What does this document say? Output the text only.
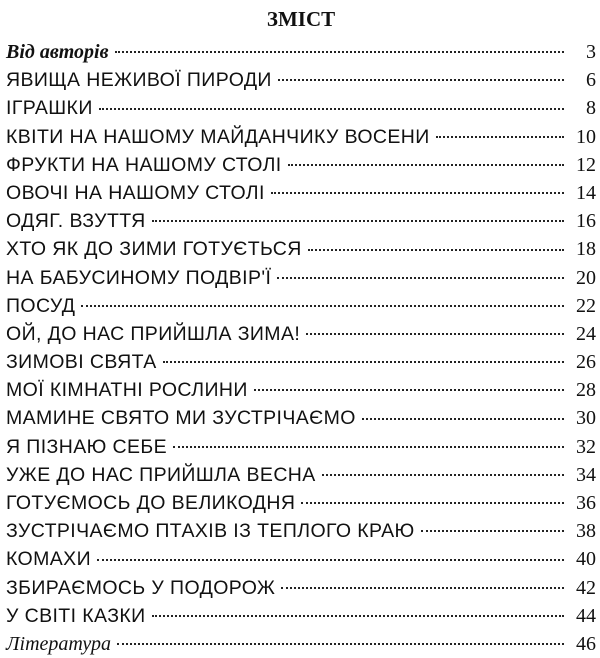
ЗМІСТ
Від авторів	3
ЯВИЩА НЕЖИВОЇ ПИРОДИ	6
ІГРАШКИ	8
КВІТИ НА НАШОМУ МАЙДАНЧИКУ ВОСЕНИ	10
ФРУКТИ НА НАШОМУ СТОЛІ	12
ОВОЧІ НА НАШОМУ СТОЛІ	14
ОДЯГ. ВЗУТТЯ	16
ХТО ЯК ДО ЗИМИ ГОТУЄТЬСЯ	18
НА БАБУСИНОМУ ПОДВІР'Ї	20
ПОСУД	22
ОЙ, ДО НАС ПРИЙШЛА ЗИМА!	24
ЗИМОВІ СВЯТА	26
МОЇ КІМНАТНІ РОСЛИНИ	28
МАМИНЕ СВЯТО МИ ЗУСТРІЧАЄМО	30
Я ПІЗНАЮ СЕБЕ	32
УЖЕ ДО НАС ПРИЙШЛА ВЕСНА	34
ГОТУЄМОСЬ ДО ВЕЛИКОДНЯ	36
ЗУСТРІЧАЄМО ПТАХІВ ІЗ ТЕПЛОГО КРАЮ	38
КОМАХИ	40
ЗБИРАЄМОСЬ У ПОДОРОЖ	42
У СВІТІ КАЗКИ	44
Література	46
